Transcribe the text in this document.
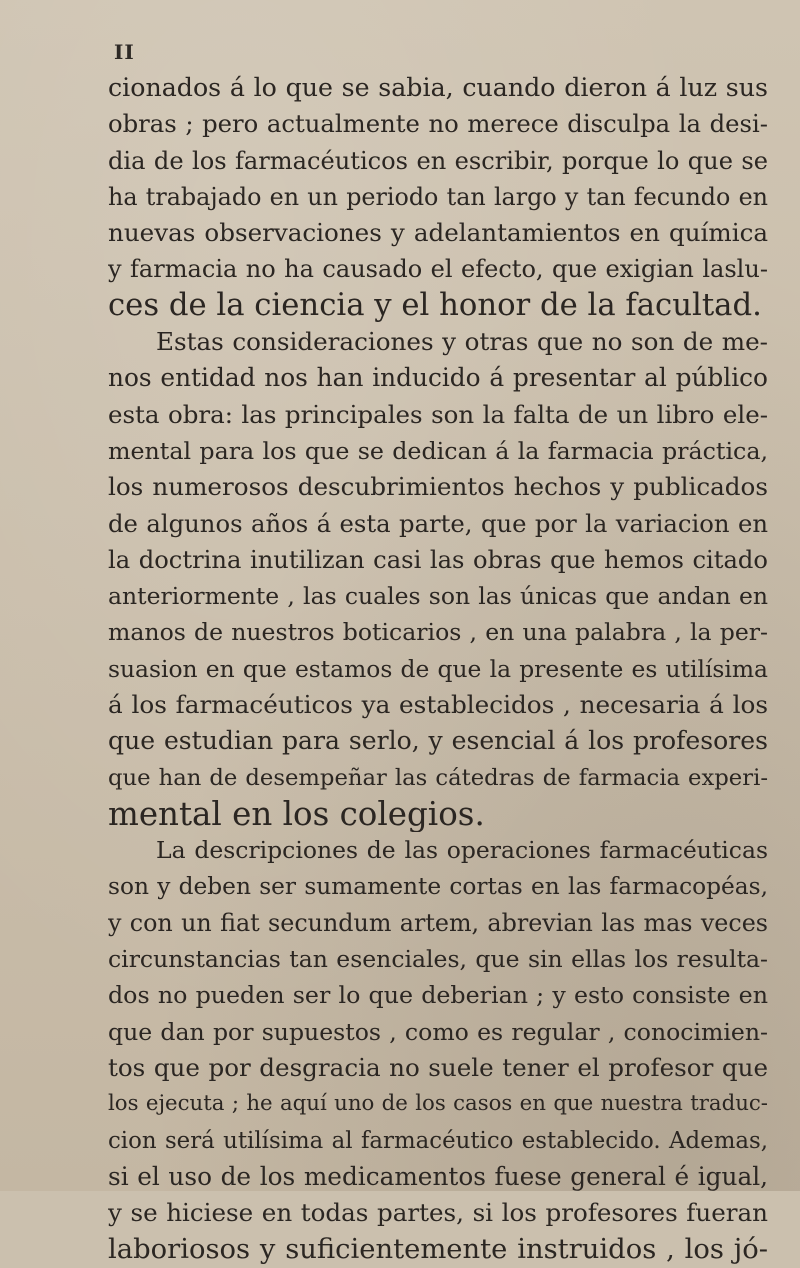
II
cionados á lo que se sabia, cuando dieron á luz sus
obras ; pero actualmente no merece disculpa la desi-
dia de los farmacéuticos en escribir, porque lo que se
ha trabajado en un periodo tan largo y tan fecundo en
nuevas observaciones y adelantamientos en química
y farmacia no ha causado el efecto, que exigian laslu-
ces de la ciencia y el honor de la facultad.
Estas consideraciones y otras que no son de me-
nos entidad nos han inducido á presentar al público
esta obra: las principales son la falta de un libro ele-
mental para los que se dedican á la farmacia práctica,
los numerosos descubrimientos hechos y publicados
de algunos años á esta parte, que por la variacion en
la doctrina inutilizan casi las obras que hemos citado
anteriormente , las cuales son las únicas que andan en
manos de nuestros boticarios , en una palabra , la per-
suasion en que estamos de que la presente es utilísima
á los farmacéuticos ya establecidos , necesaria á los
que estudian para serlo, y esencial á los profesores
que han de desempeñar las cátedras de farmacia experi-
mental en los colegios.
La descripciones de las operaciones farmacéuticas
son y deben ser sumamente cortas en las farmacopéas,
y con un fiat secundum artem, abrevian las mas veces
circunstancias tan esenciales, que sin ellas los resulta-
dos no pueden ser lo que deberian ; y esto consiste en
que dan por supuestos , como es regular , conocimien-
tos que por desgracia no suele tener el profesor que
los ejecuta ; he aquí uno de los casos en que nuestra traduc-
cion será utilísima al farmacéutico establecido. Ademas,
si el uso de los medicamentos fuese general é igual,
y se hiciese en todas partes, si los profesores fueran
laboriosos y suficientemente instruidos , los jó-
